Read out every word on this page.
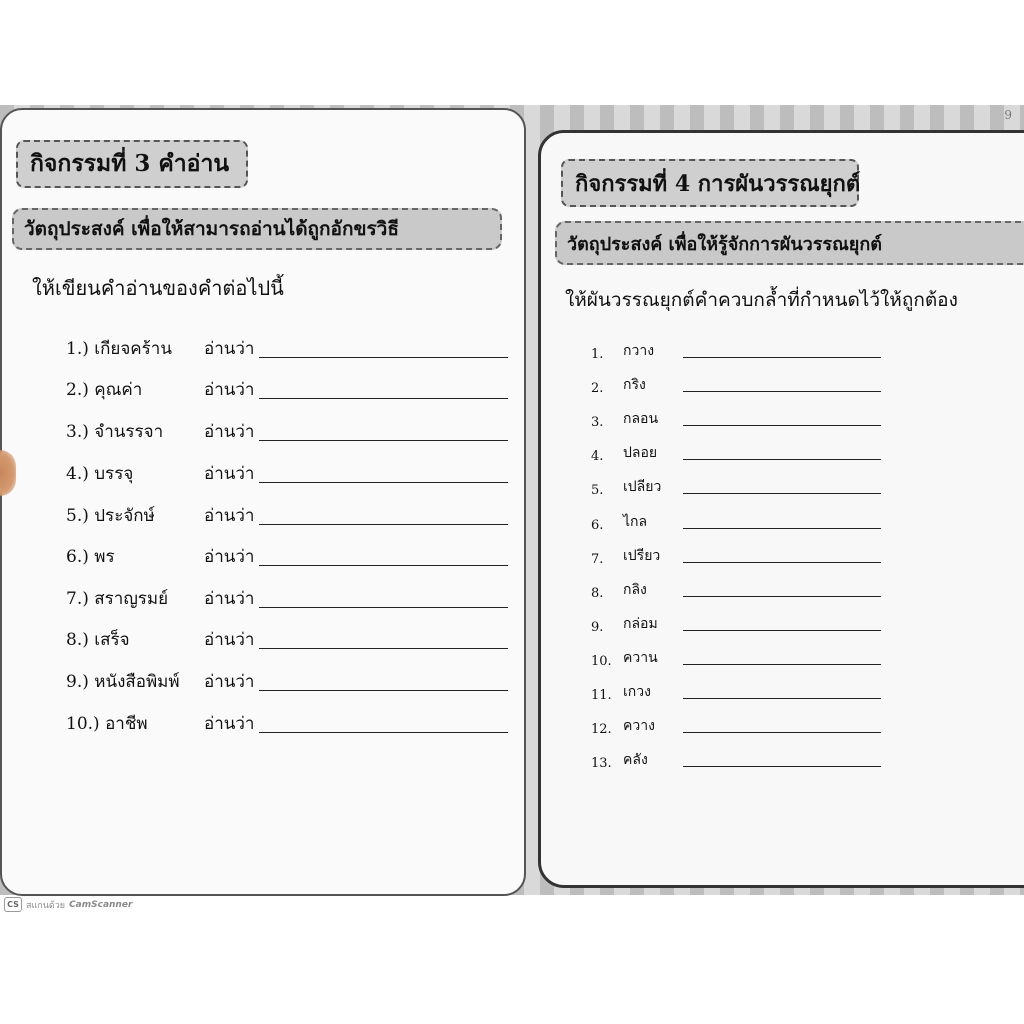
9
กิจกรรมที่ 3 คำอ่าน
วัตถุประสงค์ เพื่อให้สามารถอ่านได้ถูกอักขรวิธี
ให้เขียนคำอ่านของคำต่อไปนี้
1.) เกียจคร้าน อ่านว่า
2.) คุณค่า	อ่านว่า
3.) จำนรรจา อ่านว่า
4.) บรรจุ	อ่านว่า
5.) ประจักษ์	อ่านว่า
6.) พร	อ่านว่า
7.) สราญรมย์ อ่านว่า
8.) เสร็จ	อ่านว่า
9.) หนังสือพิมพ์ อ่านว่า
10.) อาชีพ	อ่านว่า
กิจกรรมที่ 4 การผันวรรณยุกต์
วัตถุประสงค์ เพื่อให้รู้จักการผันวรรณยุกต์
ให้ผันวรรณยุกต์คำควบกล้ำที่กำหนดไว้ให้ถูกต้อง
1. กวาง
2. กริง
3. กลอน
4. ปลอย
5. เปลียว
6. ไกล
7. เปรียว
8. กลิง
9. กล่อม
10. ควาน
11. เกวง
12. ควาง
13. คลัง
CS สแกนด้วย CamScanner
